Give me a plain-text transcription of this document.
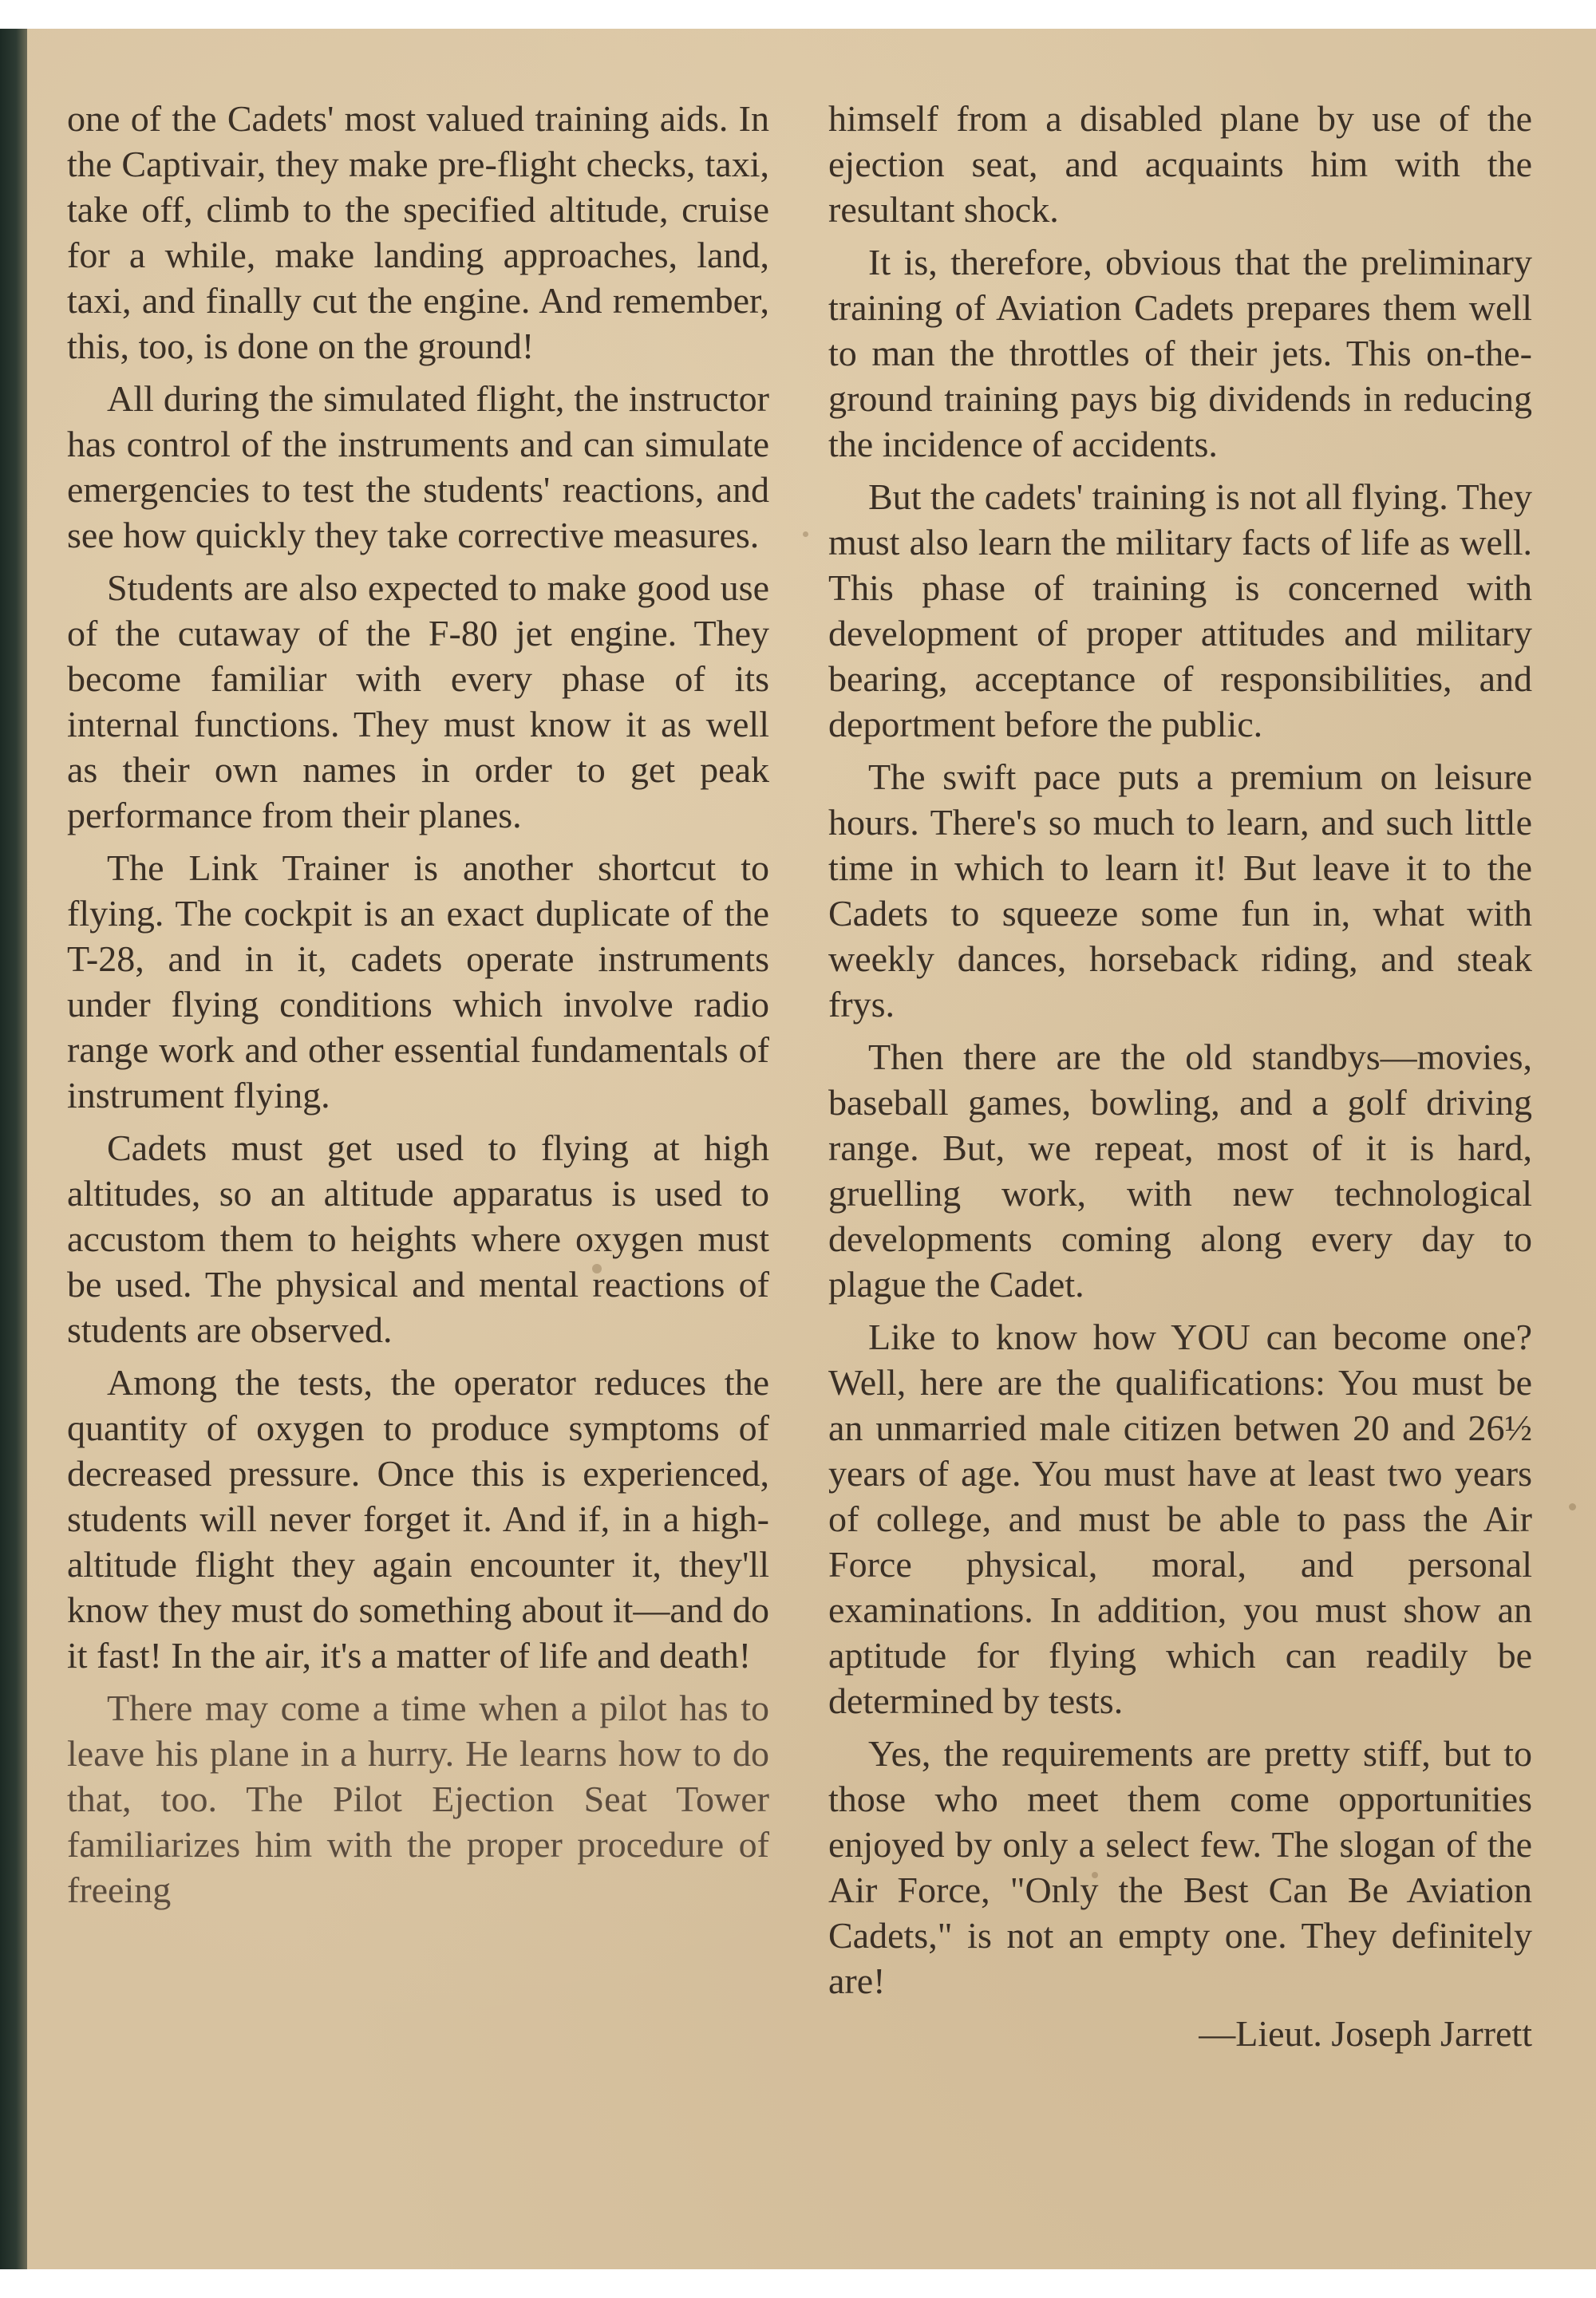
one of the Cadets' most valued training aids. In the Captivair, they make pre-flight checks, taxi, take off, climb to the specified altitude, cruise for a while, make landing approaches, land, taxi, and finally cut the engine. And remember, this, too, is done on the ground!

All during the simulated flight, the instructor has control of the instruments and can simulate emergencies to test the students' reactions, and see how quickly they take corrective measures.

Students are also expected to make good use of the cutaway of the F-80 jet engine. They become familiar with every phase of its internal functions. They must know it as well as their own names in order to get peak performance from their planes.

The Link Trainer is another shortcut to flying. The cockpit is an exact duplicate of the T-28, and in it, cadets operate instruments under flying conditions which involve radio range work and other essential fundamentals of instrument flying.

Cadets must get used to flying at high altitudes, so an altitude apparatus is used to accustom them to heights where oxygen must be used. The physical and mental reactions of students are observed.

Among the tests, the operator reduces the quantity of oxygen to produce symptoms of decreased pressure. Once this is experienced, students will never forget it. And if, in a high-altitude flight they again encounter it, they'll know they must do something about it—and do it fast! In the air, it's a matter of life and death!

There may come a time when a pilot has to leave his plane in a hurry. He learns how to do that, too. The Pilot Ejection Seat Tower familiarizes him with the proper procedure of freeing

himself from a disabled plane by use of the ejection seat, and acquaints him with the resultant shock.

It is, therefore, obvious that the preliminary training of Aviation Cadets prepares them well to man the throttles of their jets. This on-the-ground training pays big dividends in reducing the incidence of accidents.

But the cadets' training is not all flying. They must also learn the military facts of life as well. This phase of training is concerned with development of proper attitudes and military bearing, acceptance of responsibilities, and deportment before the public.

The swift pace puts a premium on leisure hours. There's so much to learn, and such little time in which to learn it! But leave it to the Cadets to squeeze some fun in, what with weekly dances, horseback riding, and steak frys.

Then there are the old standbys—movies, baseball games, bowling, and a golf driving range. But, we repeat, most of it is hard, gruelling work, with new technological developments coming along every day to plague the Cadet.

Like to know how YOU can become one? Well, here are the qualifications: You must be an unmarried male citizen betwen 20 and 26½ years of age. You must have at least two years of college, and must be able to pass the Air Force physical, moral, and personal examinations. In addition, you must show an aptitude for flying which can readily be determined by tests.

Yes, the requirements are pretty stiff, but to those who meet them come opportunities enjoyed by only a select few. The slogan of the Air Force, "Only the Best Can Be Aviation Cadets," is not an empty one. They definitely are!

—Lieut. Joseph Jarrett
